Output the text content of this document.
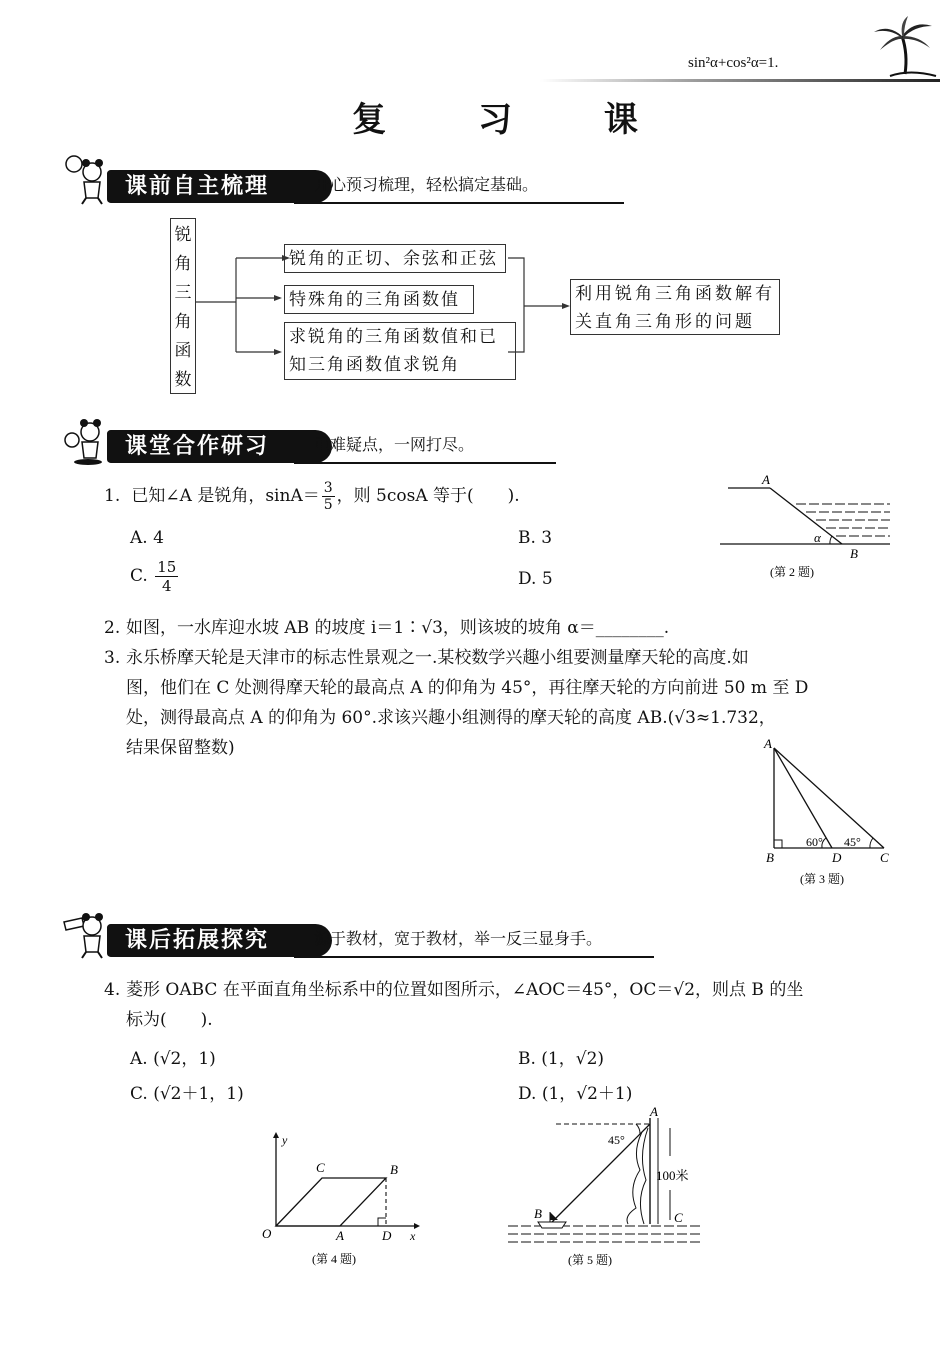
sin²α+cos²α=1.
复 习 课
课前自主梳理	开心预习梳理，轻松搞定基础。
锐角三角函数
锐角的正切、余弦和正弦
特殊角的三角函数值
求锐角的三角函数值和已知三角函数值求锐角
利用锐角三角函数解有关直角三角形的问题
课堂合作研习	重难疑点，一网打尽。
1. 已知∠A 是锐角，$\sin A= \frac{3}{5}$ ，则 5cosA 等于(　　).
A. 4	B. 3
C. $\frac{15}{4}$	D. 5
A
α
B
(第 2 题)
2. 如图，一水库迎水坡 AB 的坡度 i＝1∶√3，则该坡的坡角 α＝________.
3. 永乐桥摩天轮是天津市的标志性景观之一.某校数学兴趣小组要测量摩天轮的高度.如
图，他们在 C 处测得摩天轮的最高点 A 的仰角为 45°，再往摩天轮的方向前进 50 m 至 D
处，测得最高点 A 的仰角为 60°.求该兴趣小组测得的摩天轮的高度 AB.(√3≈1.732，
结果保留整数)	A
B	D	C
60° 45°
(第 3 题)
课后拓展探究	源于教材，宽于教材，举一反三显身手。
4. 菱形 OABC 在平面直角坐标系中的位置如图所示，∠AOC＝45°，OC＝√2，则点 B 的坐
标为(　　).
A. (√2，1)	B. (1，√2)
C. (√2＋1，1)	D. (1，√2＋1)
y
C	B
O	A	D x
(第 4 题)
A
45°
100米
B	C
(第 5 题)
